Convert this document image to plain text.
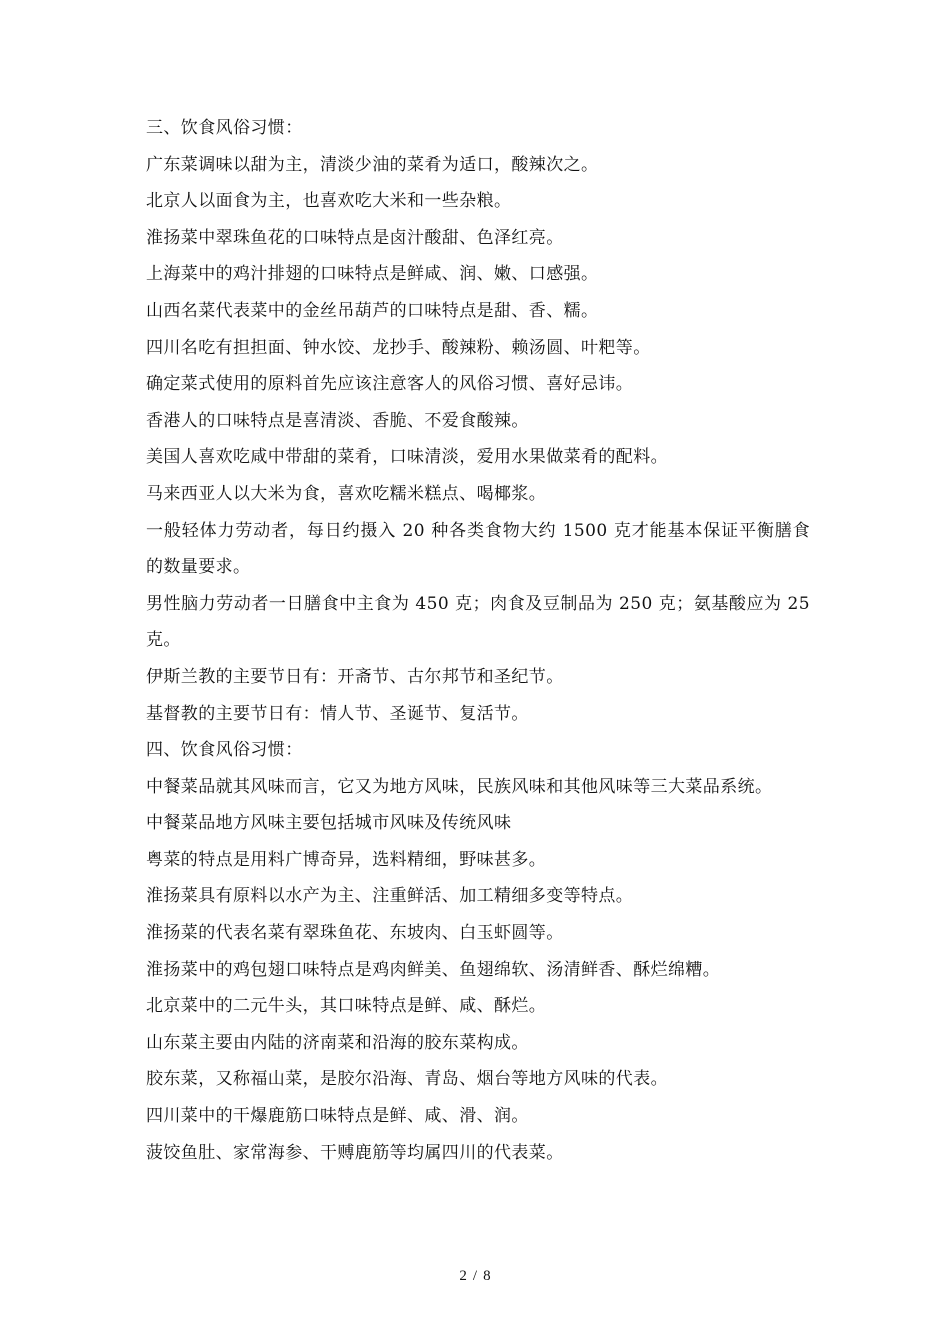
三、饮食风俗习惯：

广东菜调味以甜为主，清淡少油的菜肴为适口，酸辣次之。

北京人以面食为主，也喜欢吃大米和一些杂粮。

淮扬菜中翠珠鱼花的口味特点是卤汁酸甜、色泽红亮。

上海菜中的鸡汁排翅的口味特点是鲜咸、润、嫩、口感强。

山西名菜代表菜中的金丝吊葫芦的口味特点是甜、香、糯。

四川名吃有担担面、钟水饺、龙抄手、酸辣粉、赖汤圆、叶粑等。

确定菜式使用的原料首先应该注意客人的风俗习惯、喜好忌讳。

香港人的口味特点是喜清淡、香脆、不爱食酸辣。

美国人喜欢吃咸中带甜的菜肴，口味清淡，爱用水果做菜肴的配料。

马来西亚人以大米为食，喜欢吃糯米糕点、喝椰浆。

一般轻体力劳动者，每日约摄入 20 种各类食物大约 1500 克才能基本保证平衡膳食的数量要求。

男性脑力劳动者一日膳食中主食为 450 克；肉食及豆制品为 250 克；氨基酸应为 25 克。

伊斯兰教的主要节日有：开斋节、古尔邦节和圣纪节。

基督教的主要节日有：情人节、圣诞节、复活节。

四、饮食风俗习惯：

中餐菜品就其风味而言，它又为地方风味，民族风味和其他风味等三大菜品系统。

中餐菜品地方风味主要包括城市风味及传统风味

粤菜的特点是用料广博奇异，选料精细，野味甚多。

淮扬菜具有原料以水产为主、注重鲜活、加工精细多变等特点。

淮扬菜的代表名菜有翠珠鱼花、东坡肉、白玉虾圆等。

淮扬菜中的鸡包翅口味特点是鸡肉鲜美、鱼翅绵软、汤清鲜香、酥烂绵糟。

北京菜中的二元牛头，其口味特点是鲜、咸、酥烂。

山东菜主要由内陆的济南菜和沿海的胶东菜构成。

胶东菜，又称福山菜，是胶尔沿海、青岛、烟台等地方风味的代表。

四川菜中的干爆鹿筋口味特点是鲜、咸、滑、润。

菠饺鱼肚、家常海参、干赙鹿筋等均属四川的代表菜。

2 / 8
